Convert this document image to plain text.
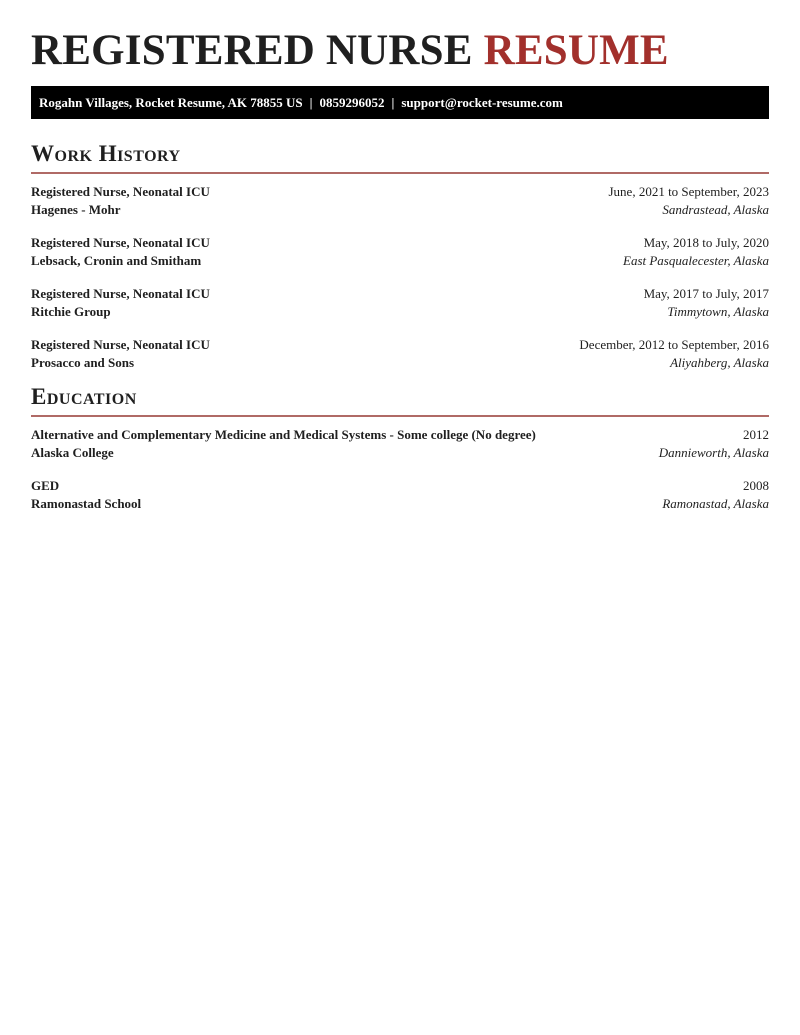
REGISTERED NURSE RESUME
Rogahn Villages, Rocket Resume, AK 78855 US | 0859296052 | support@rocket-resume.com
Work History
Registered Nurse, Neonatal ICU	June, 2021 to September, 2023
Hagenes - Mohr	Sandrastead, Alaska
Registered Nurse, Neonatal ICU	May, 2018 to July, 2020
Lebsack, Cronin and Smitham	East Pasqualecester, Alaska
Registered Nurse, Neonatal ICU	May, 2017 to July, 2017
Ritchie Group	Timmytown, Alaska
Registered Nurse, Neonatal ICU	December, 2012 to September, 2016
Prosacco and Sons	Aliyahberg, Alaska
Education
Alternative and Complementary Medicine and Medical Systems - Some college (No degree)	2012
Alaska College	Dannieworth, Alaska
GED	2008
Ramonastad School	Ramonastad, Alaska
